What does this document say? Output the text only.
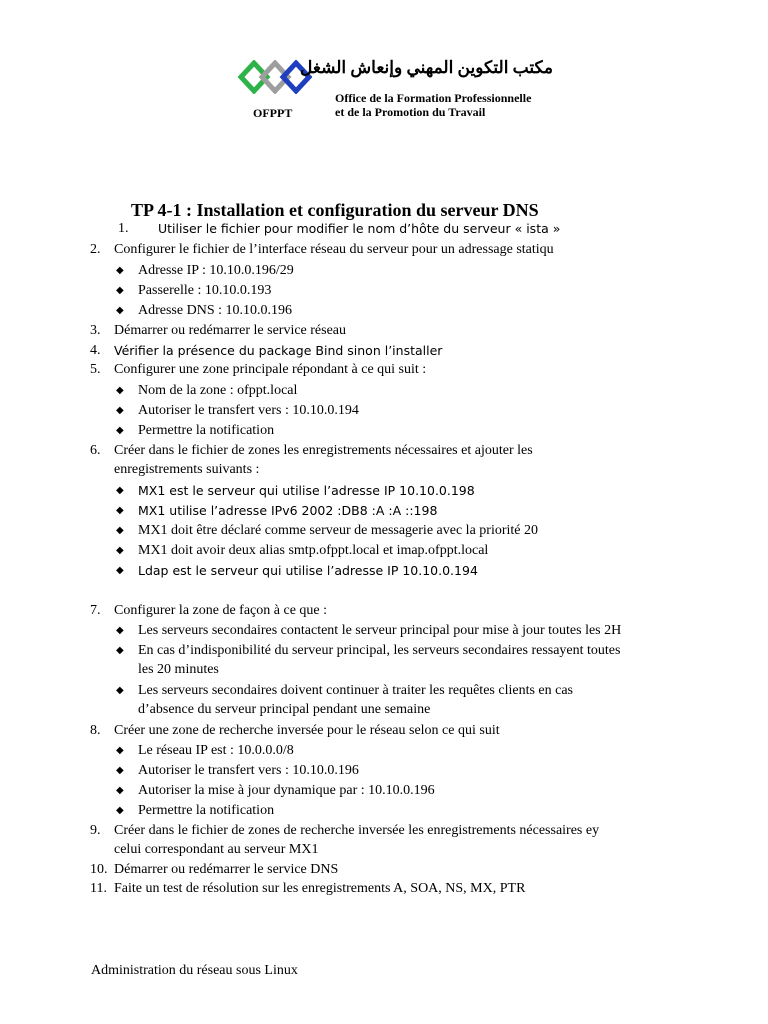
OFPPT
مكتب التكوين المهني وإنعاش الشغل
Office de la Formation Professionnelle
et de la Promotion du Travail
TP 4-1 : Installation et configuration du serveur DNS
1.	Utiliser le fichier pour modifier le nom d’hôte du serveur « ista »
2. Configurer le fichier de l’interface réseau du serveur pour un adressage statiqu
◆ Adresse IP : 10.10.0.196/29
◆ Passerelle : 10.10.0.193
◆ Adresse DNS : 10.10.0.196
3. Démarrer ou redémarrer le service réseau
4.	Vérifier la présence du package Bind sinon l’installer
5. Configurer une zone principale répondant à ce qui suit :
◆ Nom de la zone : ofppt.local
◆ Autoriser le transfert vers : 10.10.0.194
◆ Permettre la notification
6. Créer dans le fichier de zones les enregistrements nécessaires et ajouter les
enregistrements suivants :
◆ MX1 est le serveur qui utilise l’adresse IP 10.10.0.198
◆ MX1 utilise l’adresse IPv6 2002 :DB8 :A :A ::198
◆ MX1 doit être déclaré comme serveur de messagerie avec la priorité 20
◆ MX1 doit avoir deux alias smtp.ofppt.local et imap.ofppt.local
◆ Ldap est le serveur qui utilise l’adresse IP 10.10.0.194
7. Configurer la zone de façon à ce que :
◆ Les serveurs secondaires contactent le serveur principal pour mise à jour toutes les 2H
◆ En cas d’indisponibilité du serveur principal, les serveurs secondaires ressayent toutes
les 20 minutes
◆ Les serveurs secondaires doivent continuer à traiter les requêtes clients en cas
d’absence du serveur principal pendant une semaine
8. Créer une zone de recherche inversée pour le réseau selon ce qui suit
◆ Le réseau IP est : 10.0.0.0/8
◆ Autoriser le transfert vers : 10.10.0.196
◆ Autoriser la mise à jour dynamique par : 10.10.0.196
◆ Permettre la notification
9. Créer dans le fichier de zones de recherche inversée les enregistrements nécessaires ey
celui correspondant au serveur MX1
10. Démarrer ou redémarrer le service DNS
11. Faite un test de résolution sur les enregistrements A, SOA, NS, MX, PTR
Administration du réseau sous Linux
